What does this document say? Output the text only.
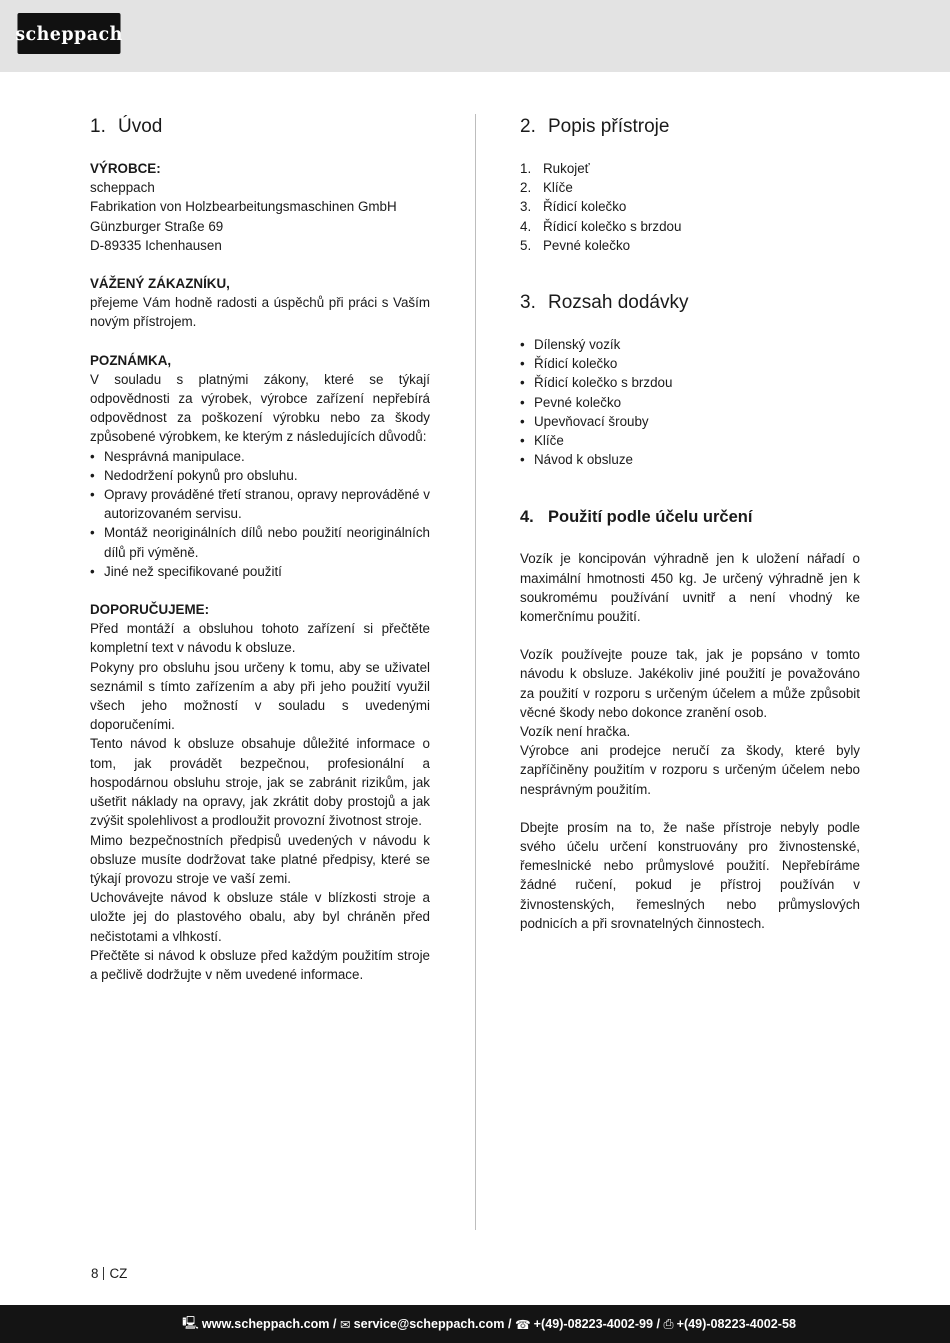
scheppach
1. Úvod

VÝROBCE:

scheppach

Fabrikation von Holzbearbeitungsmaschinen GmbH

Günzburger Straße 69

D-89335 Ichenhausen

VÁŽENÝ ZÁKAZNÍKU,

přejeme Vám hodně radosti a úspěchů při práci s Vaším novým přístrojem.

POZNÁMKA,

V souladu s platnými zákony, které se týkají odpovědnosti za výrobek, výrobce zařízení nepřebírá odpovědnost za poškození výrobku nebo za škody způsobené výrobkem, ke kterým z následujících důvodů:

• Nesprávná manipulace.
• Nedodržení pokynů pro obsluhu.
• Opravy prováděné třetí stranou, opravy neprováděné v autorizovaném servisu.
• Montáž neoriginálních dílů nebo použití neoriginálních dílů při výměně.
• Jiné než specifikované použití

DOPORUČUJEME:

Před montáží a obsluhou tohoto zařízení si přečtěte kompletní text v návodu k obsluze.

Pokyny pro obsluhu jsou určeny k tomu, aby se uživatel seznámil s tímto zařízením a aby při jeho použití využil všech jeho možností v souladu s uvedenými doporučeními.

Tento návod k obsluze obsahuje důležité informace o tom, jak provádět bezpečnou, profesionální a hospodárnou obsluhu stroje, jak se zabránit rizikům, jak ušetřit náklady na opravy, jak zkrátit doby prostojů a jak zvýšit spolehlivost a prodloužit provozní životnost stroje.

Mimo bezpečnostních předpisů uvedených v návodu k obsluze musíte dodržovat take platné předpisy, které se týkají provozu stroje ve vaší zemi.

Uchovávejte návod k obsluze stále v blízkosti stroje a uložte jej do plastového obalu, aby byl chráněn před nečistotami a vlhkostí.

Přečtěte si návod k obsluze před každým použitím stroje a pečlivě dodržujte v něm uvedené informace.

2. Popis přístroje
1. Rukojeť
2. Klíče
3. Řídicí kolečko
4. Řídicí kolečko s brzdou
5. Pevné kolečko
3. Rozsah dodávky
• Dílenský vozík
• Řídicí kolečko
• Řídicí kolečko s brzdou
• Pevné kolečko
• Upevňovací šrouby
• Klíče
• Návod k obsluze
4. Použití podle účelu určení

Vozík je koncipován výhradně jen k uložení nářadí o maximální hmotnosti 450 kg. Je určený výhradně jen k soukromému používání uvnitř a není vhodný ke komerčnímu použití.

Vozík používejte pouze tak, jak je popsáno v tomto návodu k obsluze. Jakékoliv jiné použití je považováno za použití v rozporu s určeným účelem a může způsobit věcné škody nebo dokonce zranění osob.

Vozík není hračka.

Výrobce ani prodejce neručí za škody, které byly zapříčiněny použitím v rozporu s určeným účelem nebo nesprávným použitím.

Dbejte prosím na to, že naše přístroje nebyly podle svého účelu určení konstruovány pro živnostenské, řemeslnické nebo průmyslové použití. Nepřebíráme žádné ručení, pokud je přístroj používán v živnostenských, řemeslných nebo průmyslových podnicích a při srovnatelných činnostech.

8 CZ
🖳 www.scheppach.com / ✉ service@scheppach.com / ☎ +(49)-08223-4002-99 / ⎙ +(49)-08223-4002-58
